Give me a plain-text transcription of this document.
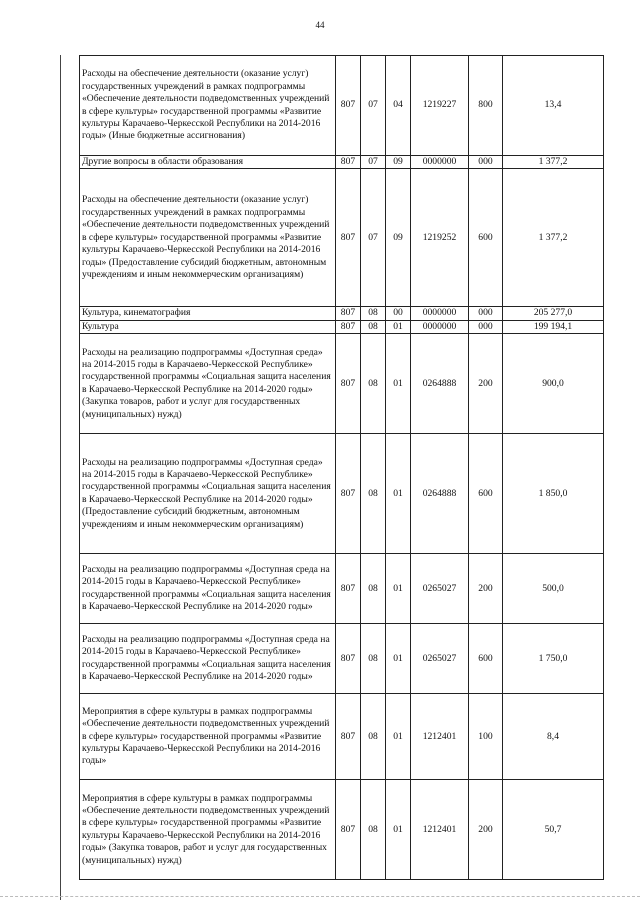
44
Расходы на обеспечение деятельности (оказание услуг) государственных учреждений в рамках подпрограммы «Обеспечение деятельности подведомственных учреждений в сфере культуры» государственной программы «Развитие культуры Карачаево-Черкесской Республики на 2014-2016 годы» (Иные бюджетные ассигнования)	807	07	04	1219227	800	13,4
Другие вопросы в области образования	807	07	09	0000000	000	1 377,2
Расходы на обеспечение деятельности (оказание услуг) государственных учреждений в рамках подпрограммы «Обеспечение деятельности подведомственных учреждений в сфере культуры» государственной программы «Развитие культуры Карачаево-Черкесской Республики на 2014-2016 годы» (Предоставление субсидий бюджетным, автономным учреждениям и иным некоммерческим организациям)	807	07	09	1219252	600	1 377,2
Культура, кинематография	807	08	00	0000000	000	205 277,0
Культура	807	08	01	0000000	000	199 194,1
Расходы на реализацию подпрограммы «Доступная среда» на 2014-2015 годы в Карачаево-Черкесской Республике» государственной программы «Социальная защита населения в Карачаево-Черкесской Республике на 2014-2020 годы» (Закупка товаров, работ и услуг для государственных (муниципальных) нужд)	807	08	01	0264888	200	900,0
Расходы на реализацию подпрограммы «Доступная среда» на 2014-2015 годы в Карачаево-Черкесской Республике» государственной программы «Социальная защита населения в Карачаево-Черкесской Республике на 2014-2020 годы» (Предоставление субсидий бюджетным, автономным учреждениям и иным некоммерческим организациям)	807	08	01	0264888	600	1 850,0
Расходы на реализацию подпрограммы «Доступная среда на 2014-2015 годы в Карачаево-Черкесской Республике» государственной программы «Социальная защита населения в Карачаево-Черкесской Республике на 2014-2020 годы»	807	08	01	0265027	200	500,0
Расходы на реализацию подпрограммы «Доступная среда на 2014-2015 годы в Карачаево-Черкесской Республике» государственной программы «Социальная защита населения в Карачаево-Черкесской Республике на 2014-2020 годы»	807	08	01	0265027	600	1 750,0
Мероприятия в сфере культуры в рамках подпрограммы «Обеспечение деятельности подведомственных учреждений в сфере культуры» государственной программы «Развитие культуры Карачаево-Черкесской Республики на 2014-2016 годы»	807	08	01	1212401	100	8,4
Мероприятия в сфере культуры в рамках подпрограммы «Обеспечение деятельности подведомственных учреждений в сфере культуры» государственной программы «Развитие культуры Карачаево-Черкесской Республики на 2014-2016 годы» (Закупка товаров, работ и услуг для государственных (муниципальных) нужд)	807	08	01	1212401	200	50,7
